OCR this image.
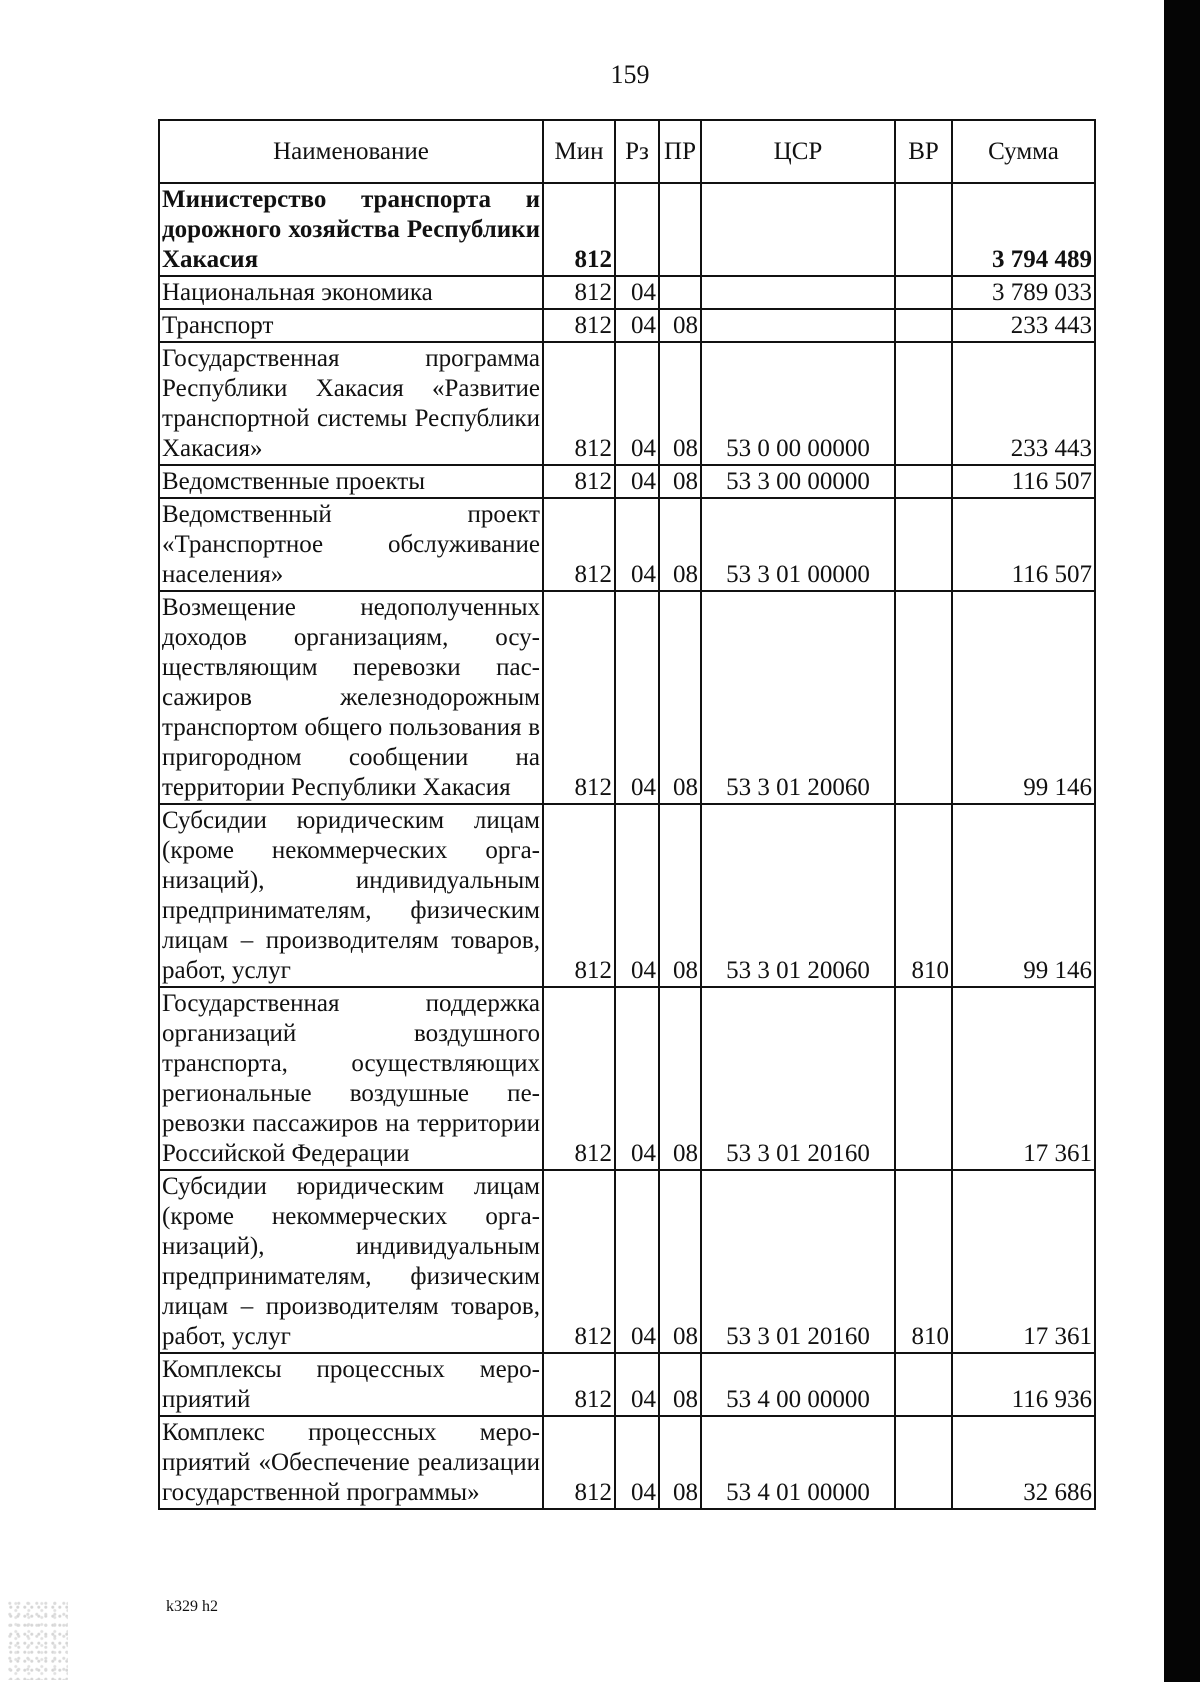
159
Наименование	Мин	Рз	ПР	ЦСР	ВР	Сумма
Министерство транспорта и дорожного хозяйства Республики Хакасия	812					3 794 489
Национальная экономика	812	04				3 789 033
Транспорт	812	04	08			233 443
Государственная программа Республики Хакасия «Развитие транспортной системы Республики Хакасия»	812	04	08	53 0 00 00000		233 443
Ведомственные проекты	812	04	08	53 3 00 00000		116 507
Ведомственный проект «Транспортное обслуживание населения»	812	04	08	53 3 01 00000		116 507
Возмещение недополученных доходов организациям, осуществляющим перевозки пассажиров железнодорожным транспортом общего пользования в пригородном сообщении на территории Республики Хакасия	812	04	08	53 3 01 20060		99 146
Субсидии юридическим лицам (кроме некоммерческих организаций), индивидуальным предпринимателям, физическим лицам – производителям товаров, работ, услуг	812	04	08	53 3 01 20060	810	99 146
Государственная поддержка организаций воздушного транспорта, осуществляющих региональные воздушные перевозки пассажиров на территории Российской Федерации	812	04	08	53 3 01 20160		17 361
Субсидии юридическим лицам (кроме некоммерческих организаций), индивидуальным предпринимателям, физическим лицам – производителям товаров, работ, услуг	812	04	08	53 3 01 20160	810	17 361
Комплексы процессных мероприятий	812	04	08	53 4 00 00000		116 936
Комплекс процессных мероприятий «Обеспечение реализации государственной программы»	812	04	08	53 4 01 00000		32 686
k329 h2
